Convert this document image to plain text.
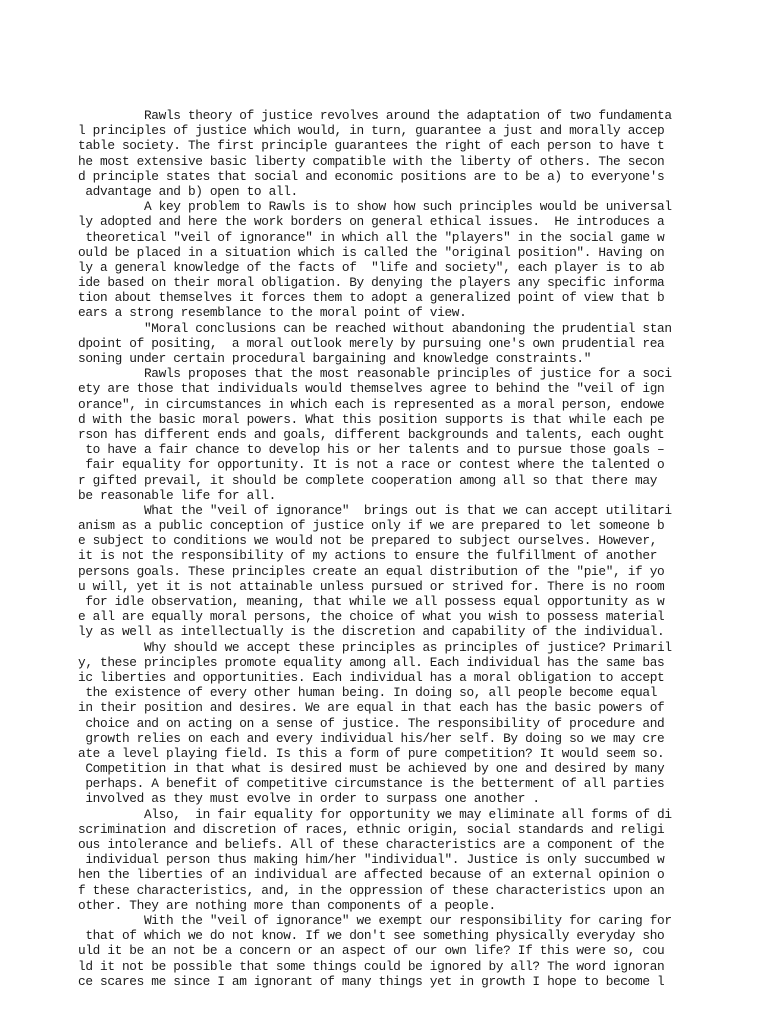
Rawls theory of justice revolves around the adaptation of two fundamenta
l principles of justice which would, in turn, guarantee a just and morally accep
table society. The first principle guarantees the right of each person to have t
he most extensive basic liberty compatible with the liberty of others. The secon
d principle states that social and economic positions are to be a) to everyone's
advantage and b) open to all.
A key problem to Rawls is to show how such principles would be universal
ly adopted and here the work borders on general ethical issues.  He introduces a
theoretical "veil of ignorance" in which all the "players" in the social game w
ould be placed in a situation which is called the "original position". Having on
ly a general knowledge of the facts of  "life and society", each player is to ab
ide based on their moral obligation. By denying the players any specific informa
tion about themselves it forces them to adopt a generalized point of view that b
ears a strong resemblance to the moral point of view.
"Moral conclusions can be reached without abandoning the prudential stan
dpoint of positing,  a moral outlook merely by pursuing one's own prudential rea
soning under certain procedural bargaining and knowledge constraints."
Rawls proposes that the most reasonable principles of justice for a soci
ety are those that individuals would themselves agree to behind the "veil of ign
orance", in circumstances in which each is represented as a moral person, endowe
d with the basic moral powers. What this position supports is that while each pe
rson has different ends and goals, different backgrounds and talents, each ought
to have a fair chance to develop his or her talents and to pursue those goals –
fair equality for opportunity. It is not a race or contest where the talented o
r gifted prevail, it should be complete cooperation among all so that there may
be reasonable life for all.
What the "veil of ignorance"  brings out is that we can accept utilitari
anism as a public conception of justice only if we are prepared to let someone b
e subject to conditions we would not be prepared to subject ourselves. However,
it is not the responsibility of my actions to ensure the fulfillment of another
persons goals. These principles create an equal distribution of the "pie", if yo
u will, yet it is not attainable unless pursued or strived for. There is no room
for idle observation, meaning, that while we all possess equal opportunity as w
e all are equally moral persons, the choice of what you wish to possess material
ly as well as intellectually is the discretion and capability of the individual.
Why should we accept these principles as principles of justice? Primaril
y, these principles promote equality among all. Each individual has the same bas
ic liberties and opportunities. Each individual has a moral obligation to accept
the existence of every other human being. In doing so, all people become equal
in their position and desires. We are equal in that each has the basic powers of
choice and on acting on a sense of justice. The responsibility of procedure and
growth relies on each and every individual his/her self. By doing so we may cre
ate a level playing field. Is this a form of pure competition? It would seem so.
Competition in that what is desired must be achieved by one and desired by many
perhaps. A benefit of competitive circumstance is the betterment of all parties
involved as they must evolve in order to surpass one another .
Also,  in fair equality for opportunity we may eliminate all forms of di
scrimination and discretion of races, ethnic origin, social standards and religi
ous intolerance and beliefs. All of these characteristics are a component of the
individual person thus making him/her "individual". Justice is only succumbed w
hen the liberties of an individual are affected because of an external opinion o
f these characteristics, and, in the oppression of these characteristics upon an
other. They are nothing more than components of a people.
With the "veil of ignorance" we exempt our responsibility for caring for
that of which we do not know. If we don't see something physically everyday sho
uld it be an not be a concern or an aspect of our own life? If this were so, cou
ld it not be possible that some things could be ignored by all? The word ignoran
ce scares me since I am ignorant of many things yet in growth I hope to become l
